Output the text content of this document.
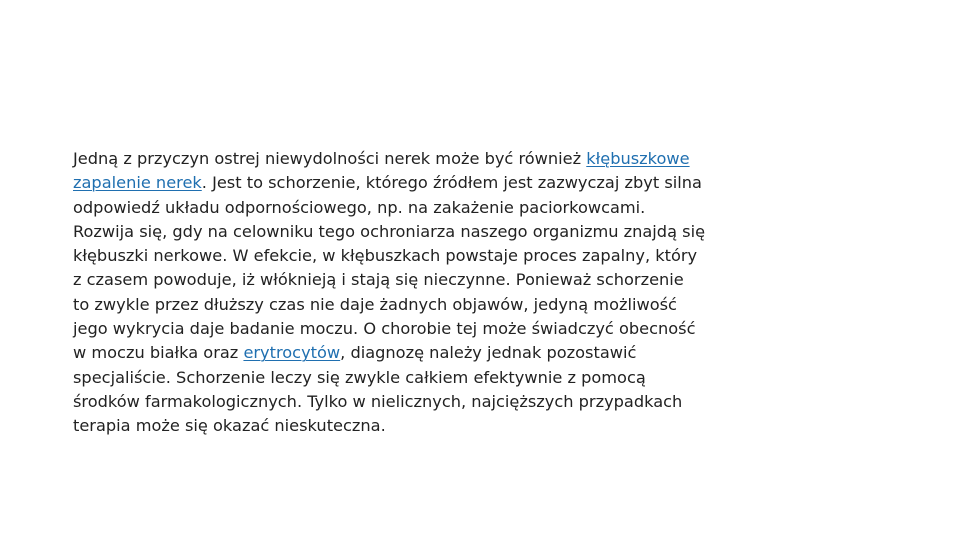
Jedną z przyczyn ostrej niewydolności nerek może być również kłębuszkowe
zapalenie nerek. Jest to schorzenie, którego źródłem jest zazwyczaj zbyt silna
odpowiedź układu odpornościowego, np. na zakażenie paciorkowcami.
Rozwija się, gdy na celowniku tego ochroniarza naszego organizmu znajdą się
kłębuszki nerkowe. W efekcie, w kłębuszkach powstaje proces zapalny, który
z czasem powoduje, iż włóknieją i stają się nieczynne. Ponieważ schorzenie
to zwykle przez dłuższy czas nie daje żadnych objawów, jedyną możliwość
jego wykrycia daje badanie moczu. O chorobie tej może świadczyć obecność
w moczu białka oraz erytrocytów, diagnozę należy jednak pozostawić
specjaliście. Schorzenie leczy się zwykle całkiem efektywnie z pomocą
środków farmakologicznych. Tylko w nielicznych, najcięższych przypadkach
terapia może się okazać nieskuteczna.
